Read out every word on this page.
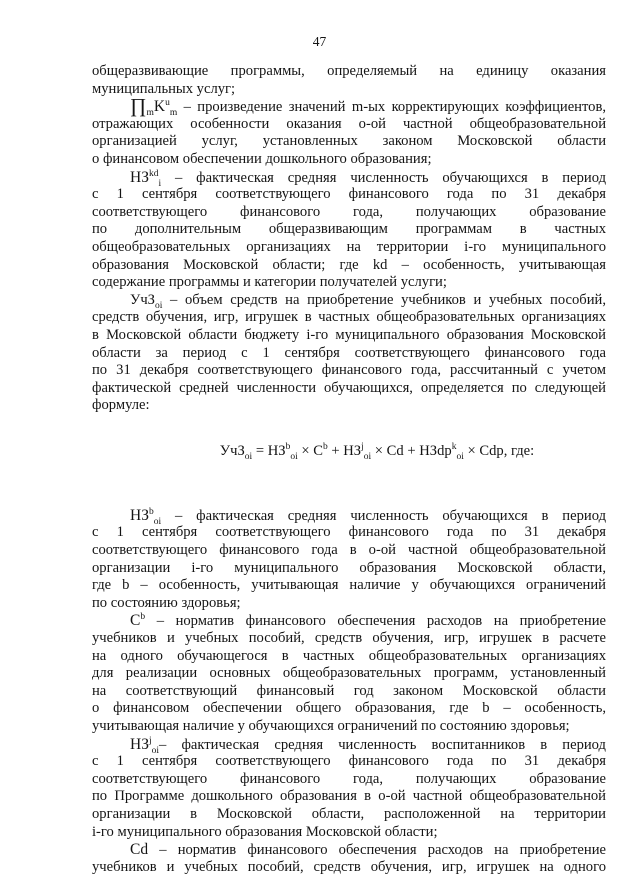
47
общеразвивающие программы, определяемый на единицу оказания
муниципальных услуг;
$\prod_mK^u_m$ – произведение значений m-ых корректирующих коэффициентов,
отражающих особенности оказания о-ой частной общеобразовательной
организацией услуг, установленных законом Московской области
о финансовом обеспечении дошкольного образования;
$НЗ^{kd}_i$ – фактическая средняя численность обучающихся в период
с 1 сентября соответствующего финансового года по 31 декабря
соответствующего финансового года, получающих образование
по дополнительным общеразвивающим программам в частных
общеобразовательных организациях на территории i-го муниципального
образования Московской области; где kd – особенность, учитывающая
содержание программы и категории получателей услуги;
УчЗ$_{oi}$ – объем средств на приобретение учебников и учебных пособий,
средств обучения, игр, игрушек в частных общеобразовательных организациях
в Московской области бюджету i-го муниципального образования Московской
области за период с 1 сентября соответствующего финансового года
по 31 декабря соответствующего финансового года, рассчитанный с учетом
фактической средней численности обучающихся, определяется по следующей
формуле:
$УчЗ_{oi} = НЗ^b_{oi} \times C^b + НЗ^j_{oi} \times Cd$ + НЗdp$^k_{oi}$ × Cdp, где:
$НЗ^b_{oi}$ – фактическая средняя численность обучающихся в период
с 1 сентября соответствующего финансового года по 31 декабря
соответствующего финансового года в о-ой частной общеобразовательной
организации i-го муниципального образования Московской области,
где b – особенность, учитывающая наличие у обучающихся ограничений
по состоянию здоровья;
$C^b$ – норматив финансового обеспечения расходов на приобретение
учебников и учебных пособий, средств обучения, игр, игрушек в расчете
на одного обучающегося в частных общеобразовательных организациях
для реализации основных общеобразовательных программ, установленный
на соответствующий финансовый год законом Московской области
о финансовом обеспечении общего образования, где b – особенность,
учитывающая наличие у обучающихся ограничений по состоянию здоровья;
$НЗ^j_{oi}-$ фактическая средняя численность воспитанников в период
с 1 сентября соответствующего финансового года по 31 декабря
соответствующего финансового года, получающих образование
по Программе дошкольного образования в о-ой частной общеобразовательной
организации в Московской области, расположенной на территории
i-го муниципального образования Московской области;
Cd – норматив финансового обеспечения расходов на приобретение
учебников и учебных пособий, средств обучения, игр, игрушек на одного
